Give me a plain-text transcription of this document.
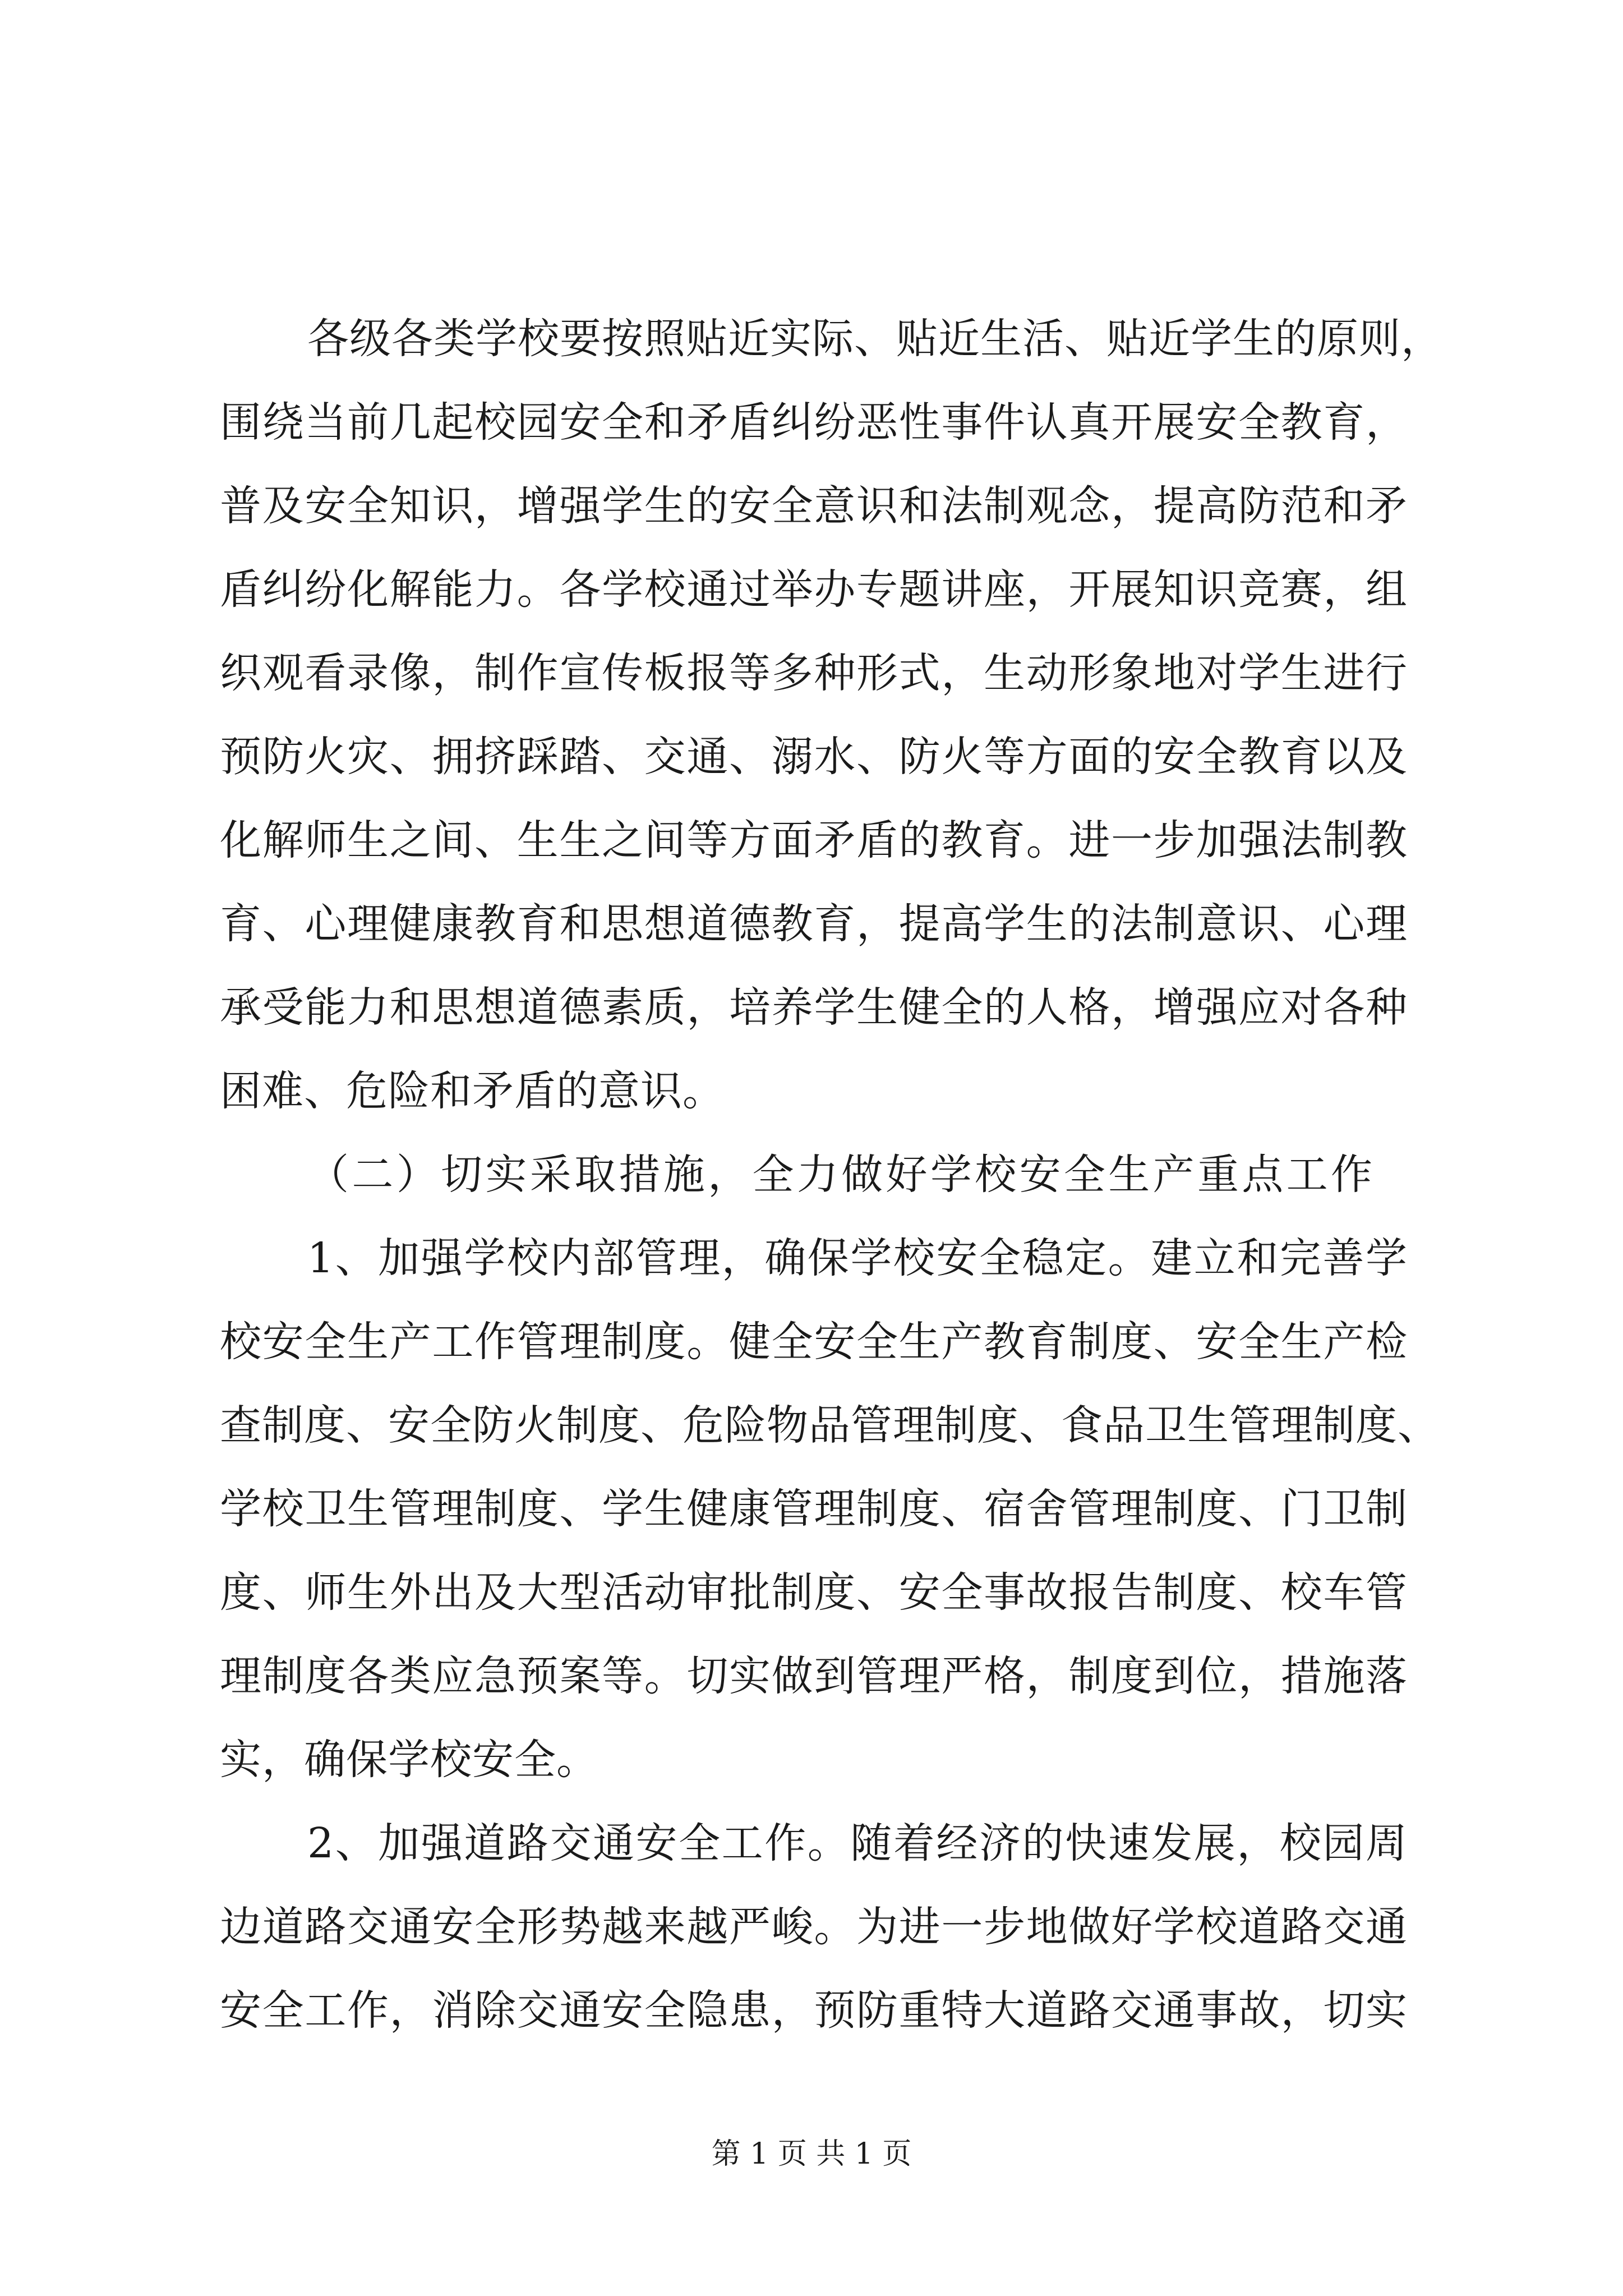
各级各类学校要按照贴近实际、贴近生活、贴近学生的原则，
围绕当前几起校园安全和矛盾纠纷恶性事件认真开展安全教育，
普及安全知识，增强学生的安全意识和法制观念，提高防范和矛
盾纠纷化解能力。各学校通过举办专题讲座，开展知识竞赛，组
织观看录像，制作宣传板报等多种形式，生动形象地对学生进行
预防火灾、拥挤踩踏、交通、溺水、防火等方面的安全教育以及
化解师生之间、生生之间等方面矛盾的教育。进一步加强法制教
育、心理健康教育和思想道德教育，提高学生的法制意识、心理
承受能力和思想道德素质，培养学生健全的人格，增强应对各种
困难、危险和矛盾的意识。
（二）切实采取措施，全力做好学校安全生产重点工作
1、加强学校内部管理，确保学校安全稳定。建立和完善学
校安全生产工作管理制度。健全安全生产教育制度、安全生产检
查制度、安全防火制度、危险物品管理制度、食品卫生管理制度、
学校卫生管理制度、学生健康管理制度、宿舍管理制度、门卫制
度、师生外出及大型活动审批制度、安全事故报告制度、校车管
理制度各类应急预案等。切实做到管理严格，制度到位，措施落
实，确保学校安全。
2、加强道路交通安全工作。随着经济的快速发展，校园周
边道路交通安全形势越来越严峻。为进一步地做好学校道路交通
安全工作，消除交通安全隐患，预防重特大道路交通事故，切实
第 1 页 共 1 页
